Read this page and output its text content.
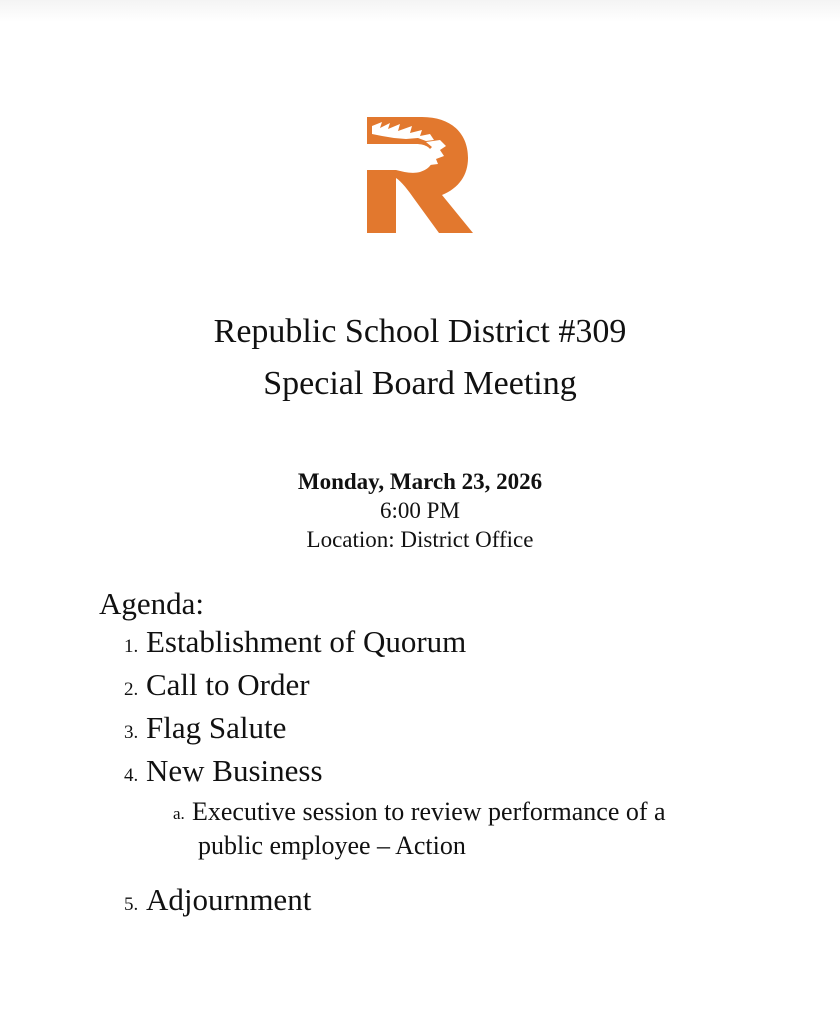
Republic School District #309

Special Board Meeting

Monday, March 23, 2026
6:00 PM
Location: District Office

Agenda:

1. Establishment of Quorum
2. Call to Order
3. Flag Salute
4. New Business
a. Executive session to review performance of a
public employee – Action
5. Adjournment
